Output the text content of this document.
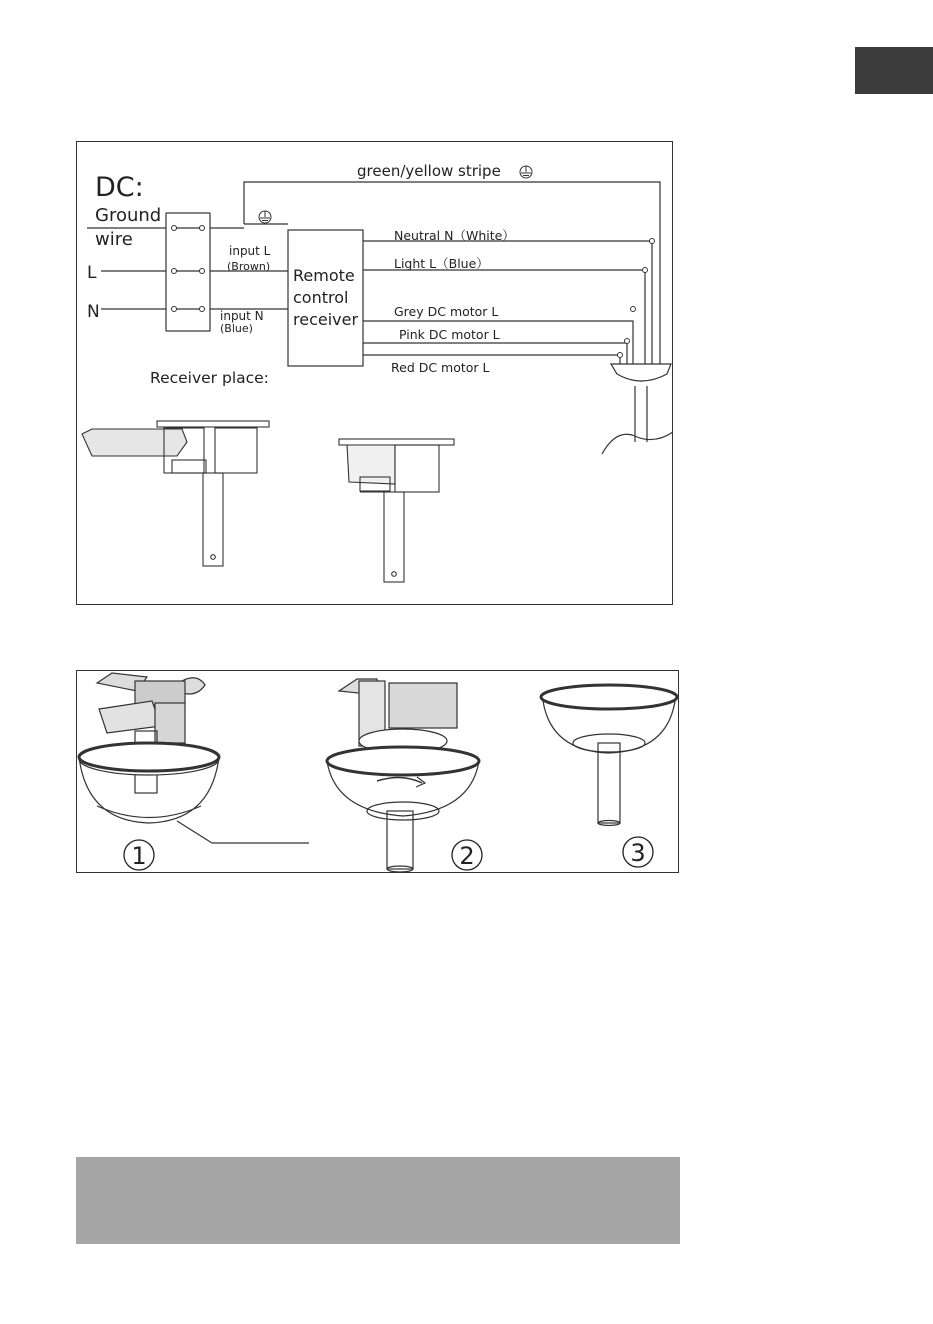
DC:
Ground
wire
L
N
input L
(Brown)
input N
(Blue)
Remote
control
receiver
green/yellow stripe
Neutral N（White）
Light L（Blue）
Grey DC motor L
Pink DC motor L
Red DC motor L
Receiver place:
1	2	3
